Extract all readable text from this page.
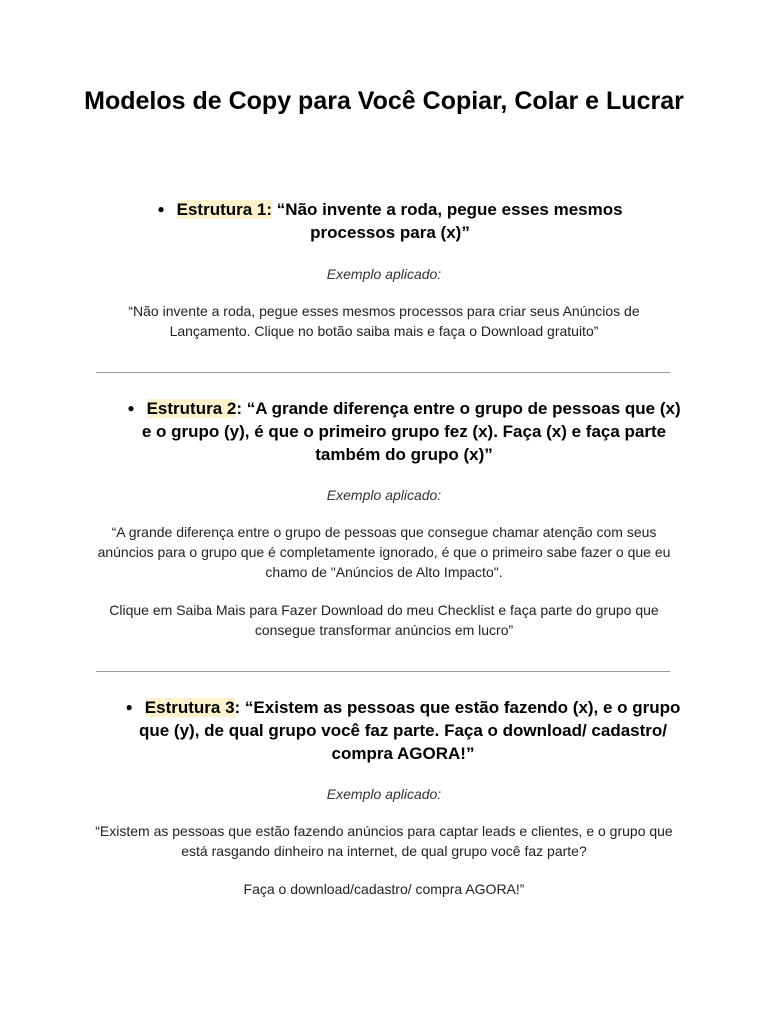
Modelos de Copy para Você Copiar, Colar e Lucrar

● Estrutura 1: “Não invente a roda, pegue esses mesmos processos para (x)”

Exemplo aplicado:

“Não invente a roda, pegue esses mesmos processos para criar seus Anúncios de Lançamento. Clique no botão saiba mais e faça o Download gratuito”

● Estrutura 2: “A grande diferença entre o grupo de pessoas que (x) e o grupo (y), é que o primeiro grupo fez (x). Faça (x) e faça parte também do grupo (x)”

Exemplo aplicado:

“A grande diferença entre o grupo de pessoas que consegue chamar atenção com seus anúncios para o grupo que é completamente ignorado, é que o primeiro sabe fazer o que eu chamo de "Anúncios de Alto Impacto".

Clique em Saiba Mais para Fazer Download do meu Checklist e faça parte do grupo que consegue transformar anúncios em lucro”

● Estrutura 3: “Existem as pessoas que estão fazendo (x), e o grupo que (y), de qual grupo você faz parte. Faça o download/ cadastro/ compra AGORA!”

Exemplo aplicado:

“Existem as pessoas que estão fazendo anúncios para captar leads e clientes, e o grupo que está rasgando dinheiro na internet, de qual grupo você faz parte?

Faça o download/cadastro/ compra AGORA!”
